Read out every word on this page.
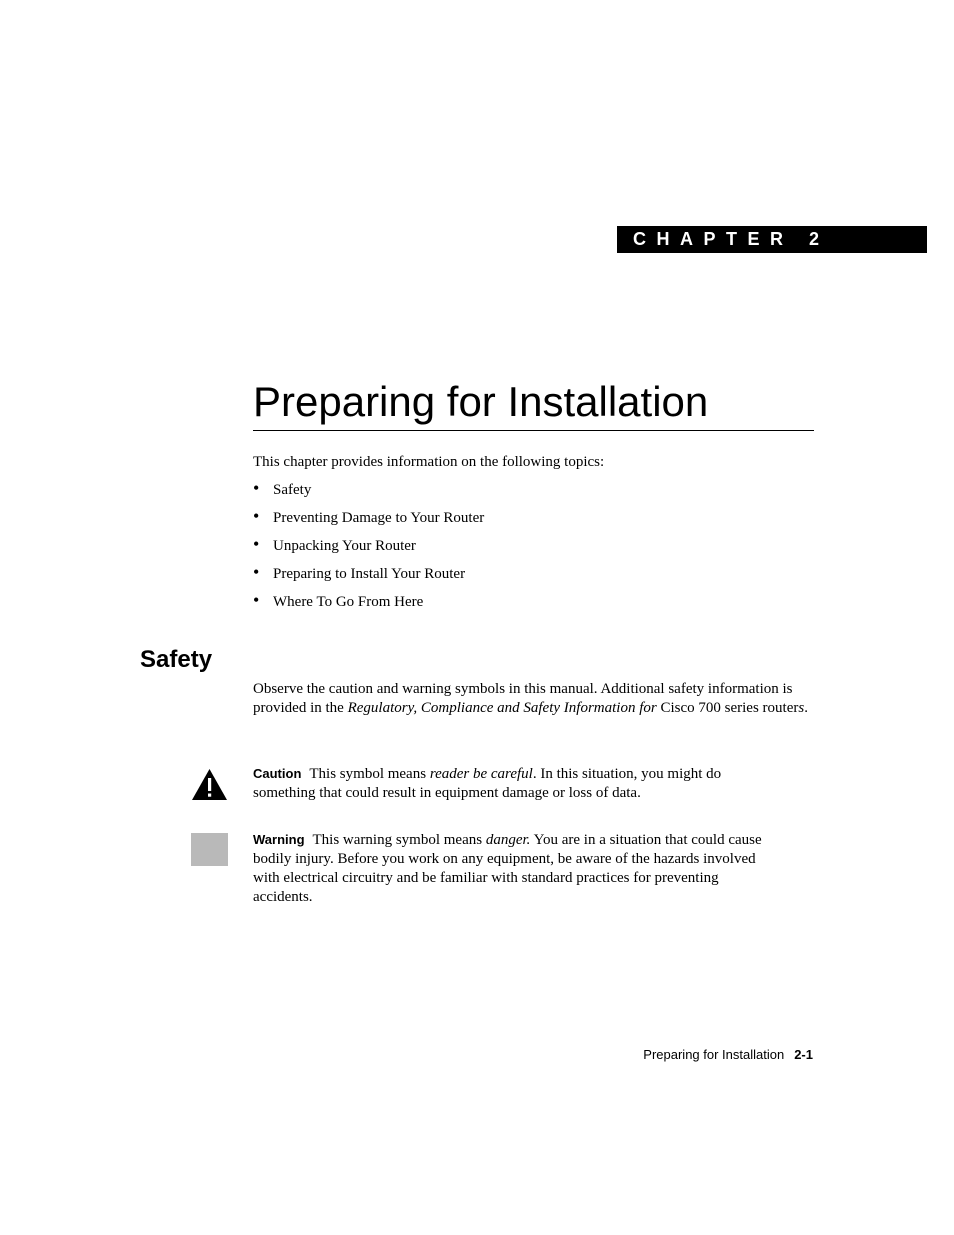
CHAPTER 2
Preparing for Installation

This chapter provides information on the following topics:

• Safety
• Preventing Damage to Your Router
• Unpacking Your Router
• Preparing to Install Your Router
• Where To Go From Here
Safety

Observe the caution and warning symbols in this manual. Additional safety information is provided in the Regulatory, Compliance and Safety Information for Cisco 700 series routers.

Caution This symbol means reader be careful. In this situation, you might do something that could result in equipment damage or loss of data.

Warning This warning symbol means danger. You are in a situation that could cause bodily injury. Before you work on any equipment, be aware of the hazards involved with electrical circuitry and be familiar with standard practices for preventing accidents.

Preparing for Installation 2-1
